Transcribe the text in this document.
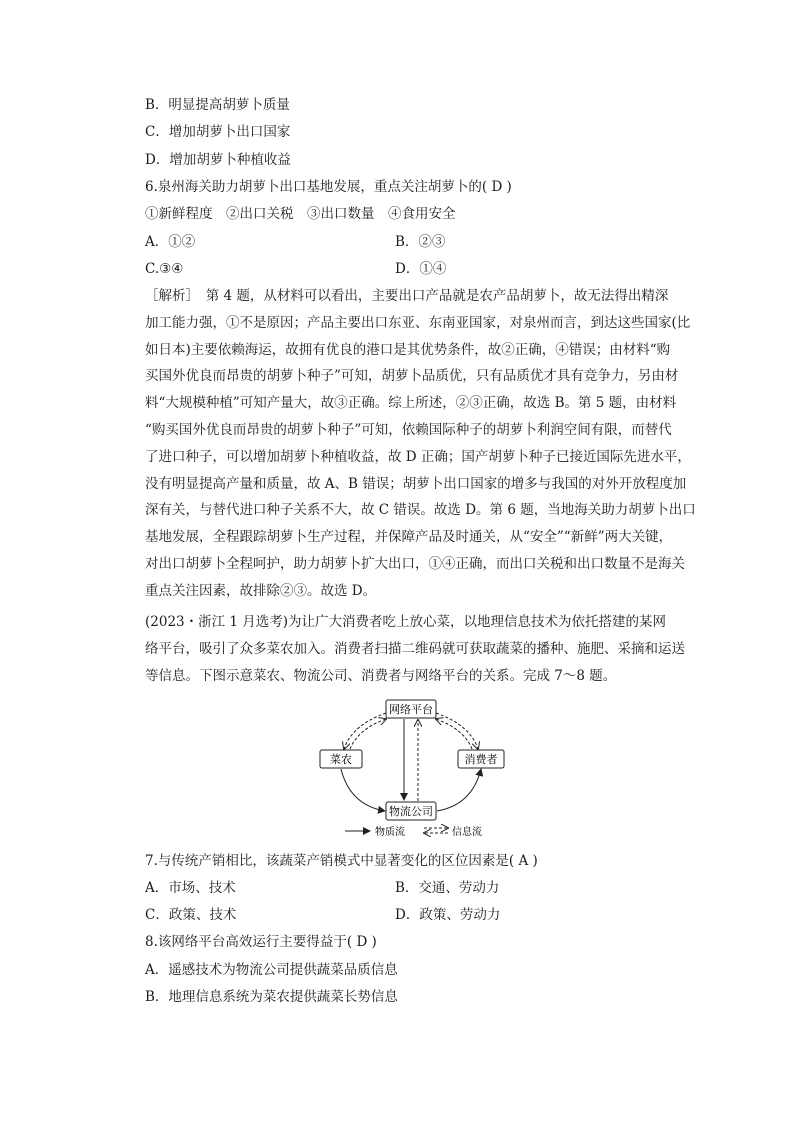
B．明显提高胡萝卜质量
C．增加胡萝卜出口国家
D．增加胡萝卜种植收益
6.泉州海关助力胡萝卜出口基地发展，重点关注胡萝卜的( D )
①新鲜程度　②出口关税　③出口数量　④食用安全
A．①②	B．②③
C.③④	D．①④
［解析］　第 4 题，从材料可以看出，主要出口产品就是农产品胡萝卜，故无法得出精深
加工能力强，①不是原因；产品主要出口东亚、东南亚国家，对泉州而言，到达这些国家(比
如日本)主要依赖海运，故拥有优良的港口是其优势条件，故②正确，④错误；由材料“购
买国外优良而昂贵的胡萝卜种子”可知，胡萝卜品质优，只有品质优才具有竞争力，另由材
料“大规模种植”可知产量大，故③正确。综上所述，②③正确，故选 B。第 5 题，由材料
“购买国外优良而昂贵的胡萝卜种子”可知，依赖国际种子的胡萝卜利润空间有限，而替代
了进口种子，可以增加胡萝卜种植收益，故 D 正确；国产胡萝卜种子已接近国际先进水平，
没有明显提高产量和质量，故 A、B 错误；胡萝卜出口国家的增多与我国的对外开放程度加
深有关，与替代进口种子关系不大，故 C 错误。故选 D。第 6 题，当地海关助力胡萝卜出口
基地发展，全程跟踪胡萝卜生产过程，并保障产品及时通关，从“安全”“新鲜”两大关键，
对出口胡萝卜全程呵护，助力胡萝卜扩大出口，①④正确，而出口关税和出口数量不是海关
重点关注因素，故排除②③。故选 D。
(2023・浙江 1 月选考)为让广大消费者吃上放心菜，以地理信息技术为依托搭建的某网
络平台，吸引了众多菜农加入。消费者扫描二维码就可获取蔬菜的播种、施肥、采摘和运送
等信息。下图示意菜农、物流公司、消费者与网络平台的关系。完成 7～8 题。
网络平台
菜农	消费者
物流公司
物质流	信息流
7.与传统产销相比，该蔬菜产销模式中显著变化的区位因素是( A )
A．市场、技术	B．交通、劳动力
C．政策、技术	D．政策、劳动力
8.该网络平台高效运行主要得益于( D )
A．遥感技术为物流公司提供蔬菜品质信息
B．地理信息系统为菜农提供蔬菜长势信息
